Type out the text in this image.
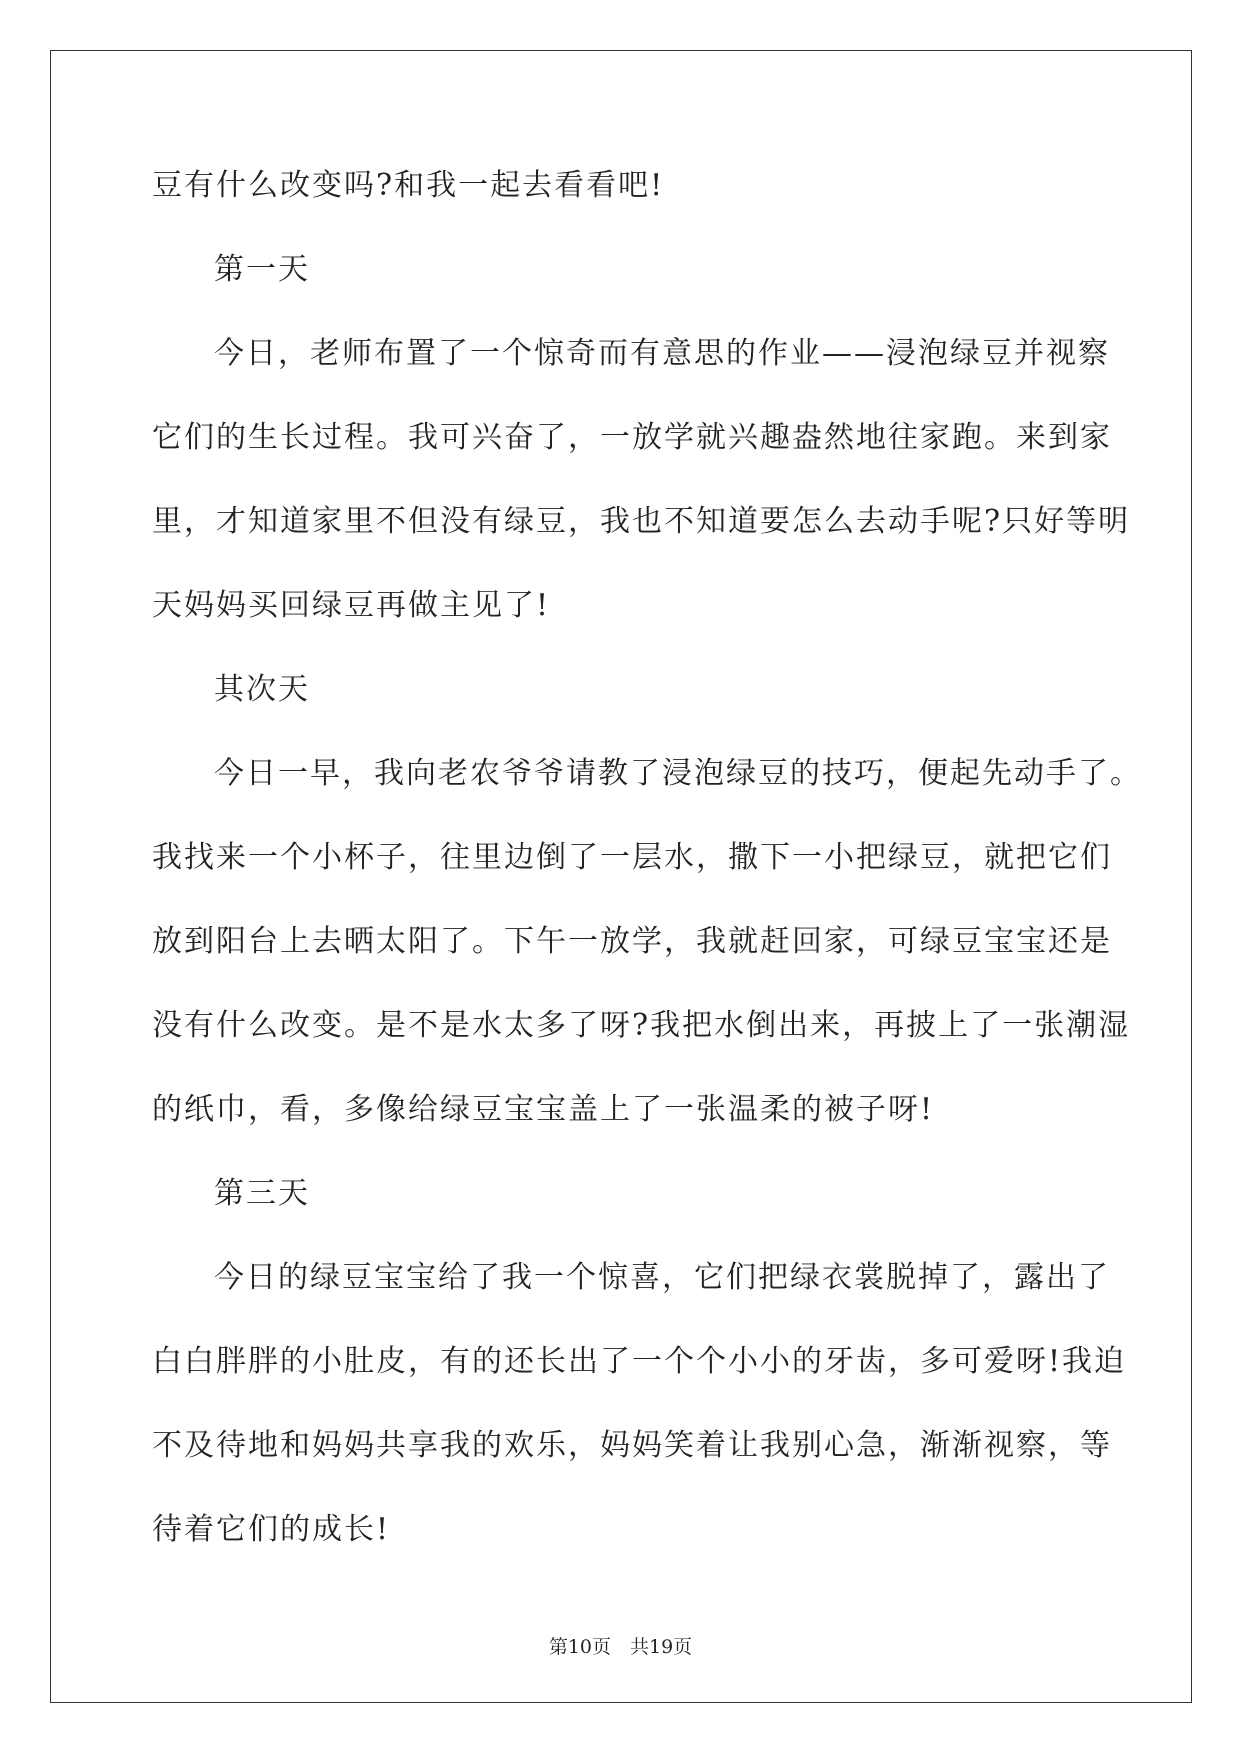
豆有什么改变吗?和我一起去看看吧!
第一天
今日，老师布置了一个惊奇而有意思的作业——浸泡绿豆并视察
它们的生长过程。我可兴奋了，一放学就兴趣盎然地往家跑。来到家
里，才知道家里不但没有绿豆，我也不知道要怎么去动手呢?只好等明
天妈妈买回绿豆再做主见了!
其次天
今日一早，我向老农爷爷请教了浸泡绿豆的技巧，便起先动手了。
我找来一个小杯子，往里边倒了一层水，撒下一小把绿豆，就把它们
放到阳台上去晒太阳了。下午一放学，我就赶回家，可绿豆宝宝还是
没有什么改变。是不是水太多了呀?我把水倒出来，再披上了一张潮湿
的纸巾，看，多像给绿豆宝宝盖上了一张温柔的被子呀!
第三天
今日的绿豆宝宝给了我一个惊喜，它们把绿衣裳脱掉了，露出了
白白胖胖的小肚皮，有的还长出了一个个小小的牙齿，多可爱呀!我迫
不及待地和妈妈共享我的欢乐，妈妈笑着让我别心急，渐渐视察，等
待着它们的成长!
第10页　共19页
